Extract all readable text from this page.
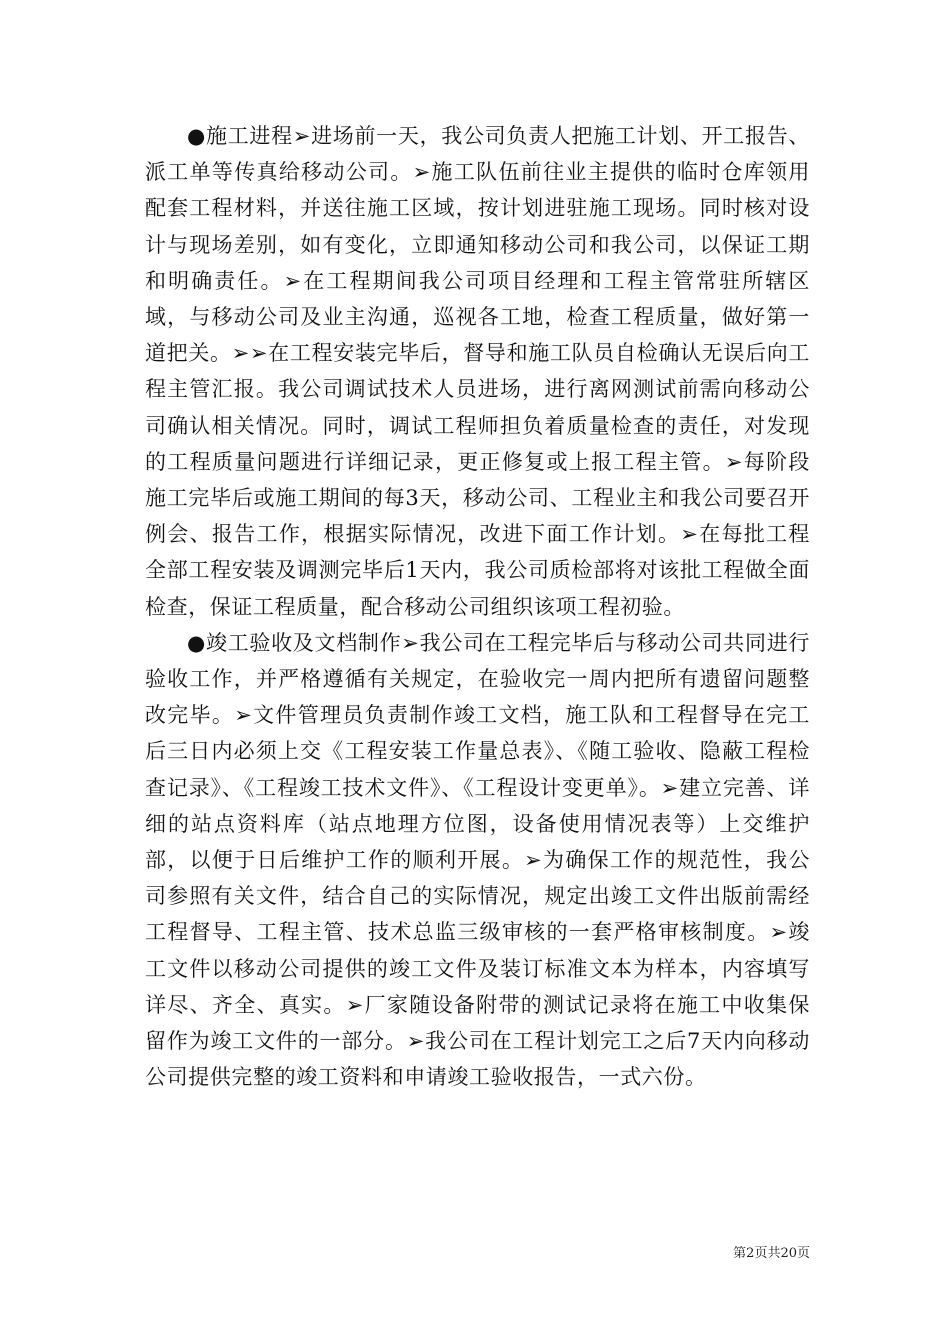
●施工进程➢进场前一天，我公司负责人把施工计划、开工报告、派工单等传真给移动公司。➢施工队伍前往业主提供的临时仓库领用配套工程材料，并送往施工区域，按计划进驻施工现场。同时核对设计与现场差别，如有变化，立即通知移动公司和我公司，以保证工期和明确责任。➢在工程期间我公司项目经理和工程主管常驻所辖区域，与移动公司及业主沟通，巡视各工地，检查工程质量，做好第一道把关。➢➢在工程安装完毕后，督导和施工队员自检确认无误后向工程主管汇报。我公司调试技术人员进场，进行离网测试前需向移动公司确认相关情况。同时，调试工程师担负着质量检查的责任，对发现的工程质量问题进行详细记录，更正修复或上报工程主管。➢每阶段施工完毕后或施工期间的每3天，移动公司、工程业主和我公司要召开例会、报告工作，根据实际情况，改进下面工作计划。➢在每批工程全部工程安装及调测完毕后1天内，我公司质检部将对该批工程做全面检查，保证工程质量，配合移动公司组织该项工程初验。

●竣工验收及文档制作➢我公司在工程完毕后与移动公司共同进行验收工作，并严格遵循有关规定，在验收完一周内把所有遗留问题整改完毕。➢文件管理员负责制作竣工文档，施工队和工程督导在完工后三日内必须上交《工程安装工作量总表》、《随工验收、隐蔽工程检查记录》、《工程竣工技术文件》、《工程设计变更单》。➢建立完善、详细的站点资料库（站点地理方位图，设备使用情况表等）上交维护部，以便于日后维护工作的顺利开展。➢为确保工作的规范性，我公司参照有关文件，结合自己的实际情况，规定出竣工文件出版前需经工程督导、工程主管、技术总监三级审核的一套严格审核制度。➢竣工文件以移动公司提供的竣工文件及装订标准文本为样本，内容填写详尽、齐全、真实。➢厂家随设备附带的测试记录将在施工中收集保留作为竣工文件的一部分。➢我公司在工程计划完工之后7天内向移动公司提供完整的竣工资料和申请竣工验收报告，一式六份。

第2页共20页
